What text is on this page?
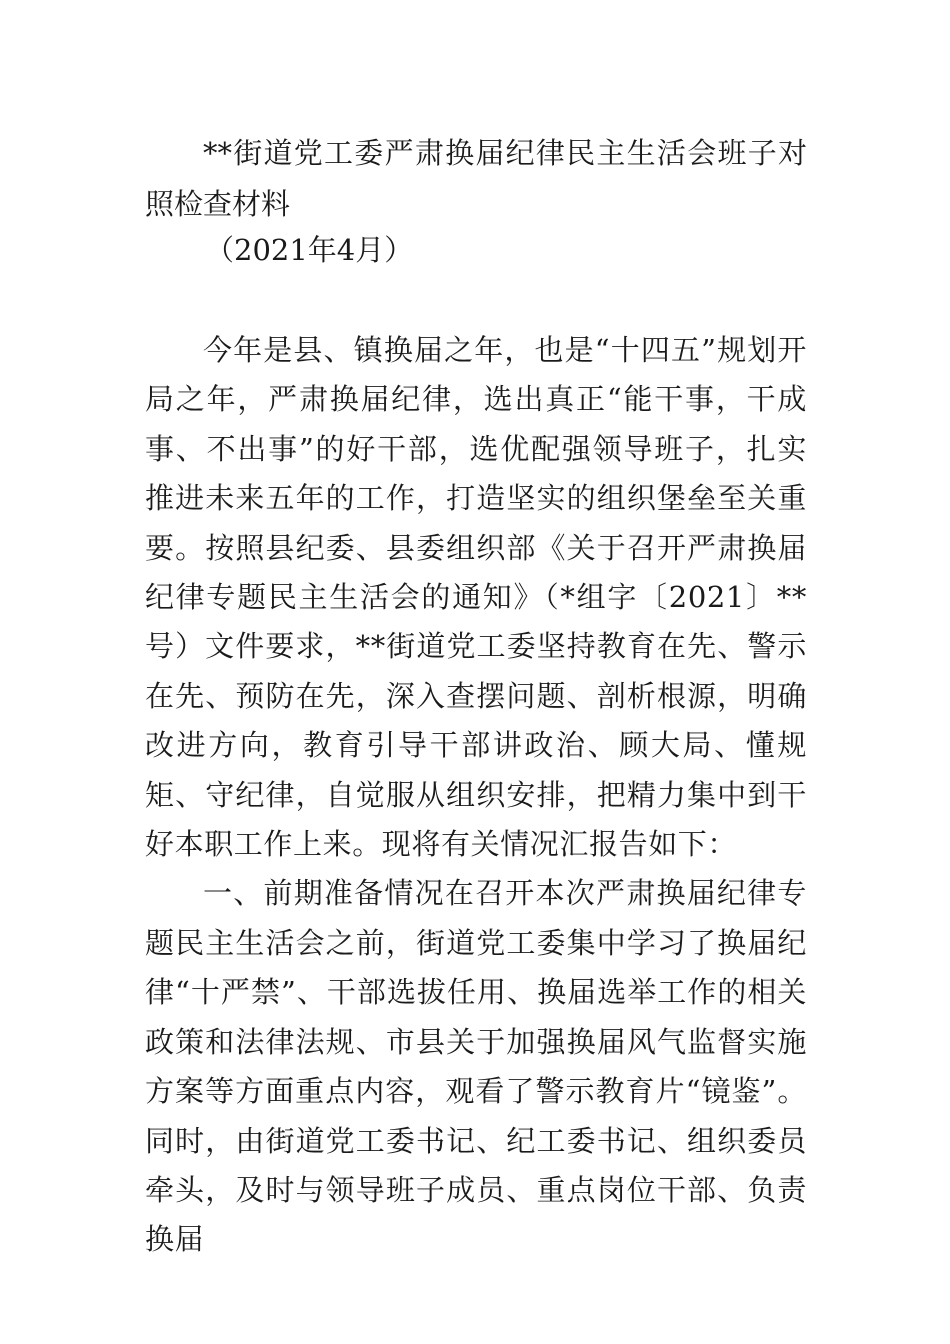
**街道党工委严肃换届纪律民主生活会班子对照检查材料

（2021年4月）

今年是县、镇换届之年，也是“十四五”规划开局之年，严肃换届纪律，选出真正“能干事，干成事、不出事”的好干部，选优配强领导班子，扎实推进未来五年的工作，打造坚实的组织堡垒至关重要。按照县纪委、县委组织部《关于召开严肃换届纪律专题民主生活会的通知》（*组字〔2021〕**号）文件要求，**街道党工委坚持教育在先、警示在先、预防在先，深入查摆问题、剖析根源，明确改进方向，教育引导干部讲政治、顾大局、懂规矩、守纪律，自觉服从组织安排，把精力集中到干好本职工作上来。现将有关情况汇报告如下：

一、前期准备情况在召开本次严肃换届纪律专题民主生活会之前，街道党工委集中学习了换届纪律“十严禁”、干部选拔任用、换届选举工作的相关政策和法律法规、市县关于加强换届风气监督实施方案等方面重点内容，观看了警示教育片“镜鉴”。同时，由街道党工委书记、纪工委书记、组织委员牵头，及时与领导班子成员、重点岗位干部、负责换届
